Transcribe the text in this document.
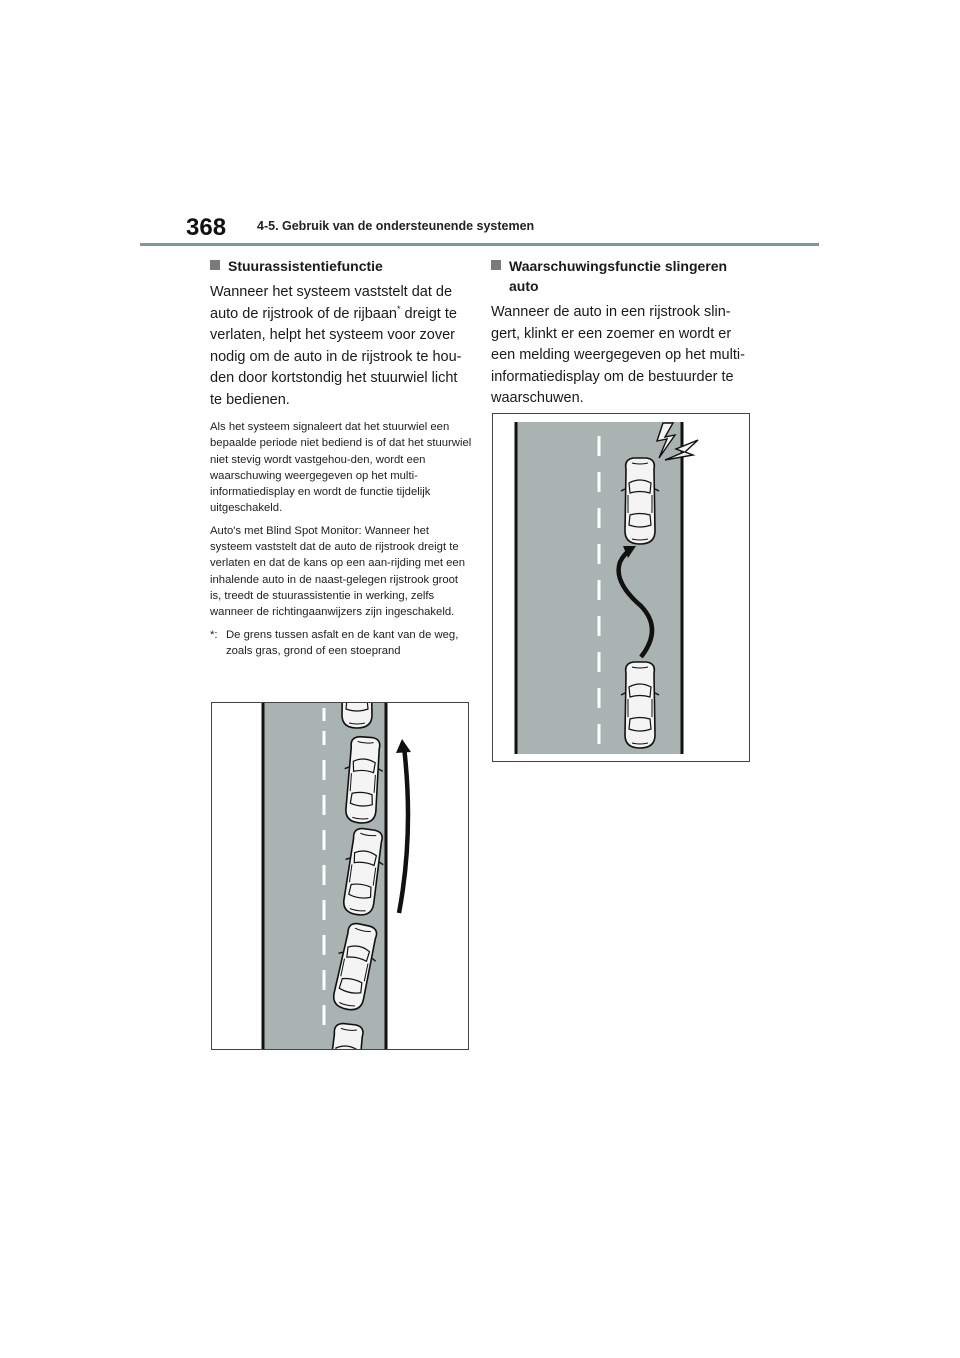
368 4-5. Gebruik van de ondersteunende systemen
Stuurassistentiefunctie

Wanneer het systeem vaststelt dat de auto de rijstrook of de rijbaan* dreigt te verlaten, helpt het systeem voor zover nodig om de auto in de rijstrook te hou-den door kortstondig het stuurwiel licht te bedienen.

Als het systeem signaleert dat het stuurwiel een bepaalde periode niet bediend is of dat het stuurwiel niet stevig wordt vastgehou-den, wordt een waarschuwing weergegeven op het multi-informatiedisplay en wordt de functie tijdelijk uitgeschakeld.

Auto's met Blind Spot Monitor: Wanneer het systeem vaststelt dat de auto de rijstrook dreigt te verlaten en dat de kans op een aan-rijding met een inhalende auto in de naast-gelegen rijstrook groot is, treedt de stuurassistentie in werking, zelfs wanneer de richtingaanwijzers zijn ingeschakeld.

*: De grens tussen asfalt en de kant van de weg, zoals gras, grond of een stoeprand
Waarschuwingsfunctie slingeren auto

Wanneer de auto in een rijstrook slin-gert, klinkt er een zoemer en wordt er een melding weergegeven op het multi-informatiedisplay om de bestuurder te waarschuwen.
